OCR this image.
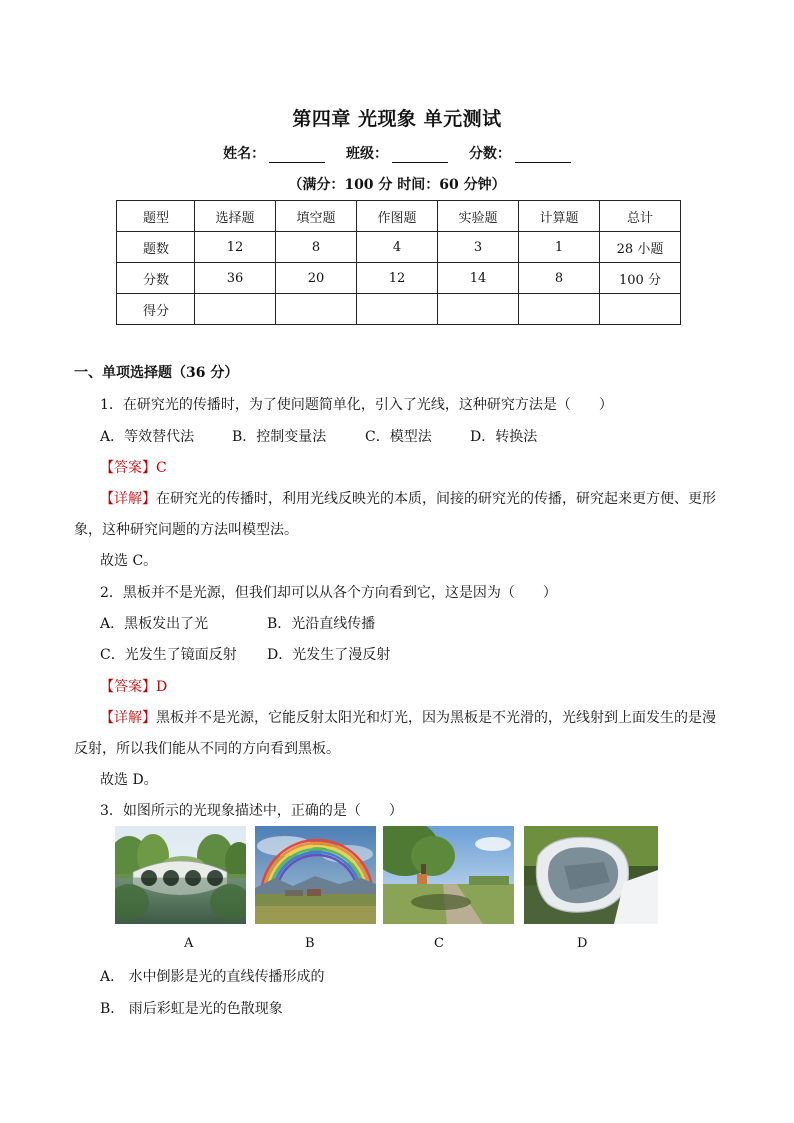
第四章 光现象 单元测试
姓名：	班级：	分数：
（满分：100 分 时间：60 分钟）
题型	选择题	填空题	作图题	实验题	计算题	总计
题数	12	8	4	3	1	28 小题
分数	36	20	12	14	8	100 分
得分						
一、单项选择题（36 分）
1．在研究光的传播时，为了使问题简单化，引入了光线，这种研究方法是（　　）
A．等效替代法	B．控制变量法	C．模型法	D．转换法
【答案】C
【详解】在研究光的传播时，利用光线反映光的本质，间接的研究光的传播，研究起来更方便、更形
象，这种研究问题的方法叫模型法。
故选 C。
2．黑板并不是光源，但我们却可以从各个方向看到它，这是因为（　　）
A．黑板发出了光	B．光沿直线传播
C．光发生了镜面反射 D．光发生了漫反射
【答案】D
【详解】黑板并不是光源，它能反射太阳光和灯光，因为黑板是不光滑的，光线射到上面发生的是漫
反射，所以我们能从不同的方向看到黑板。
故选 D。
3．如图所示的光现象描述中，正确的是（　　）
A	B	C	D
A． 水中倒影是光的直线传播形成的
B． 雨后彩虹是光的色散现象
